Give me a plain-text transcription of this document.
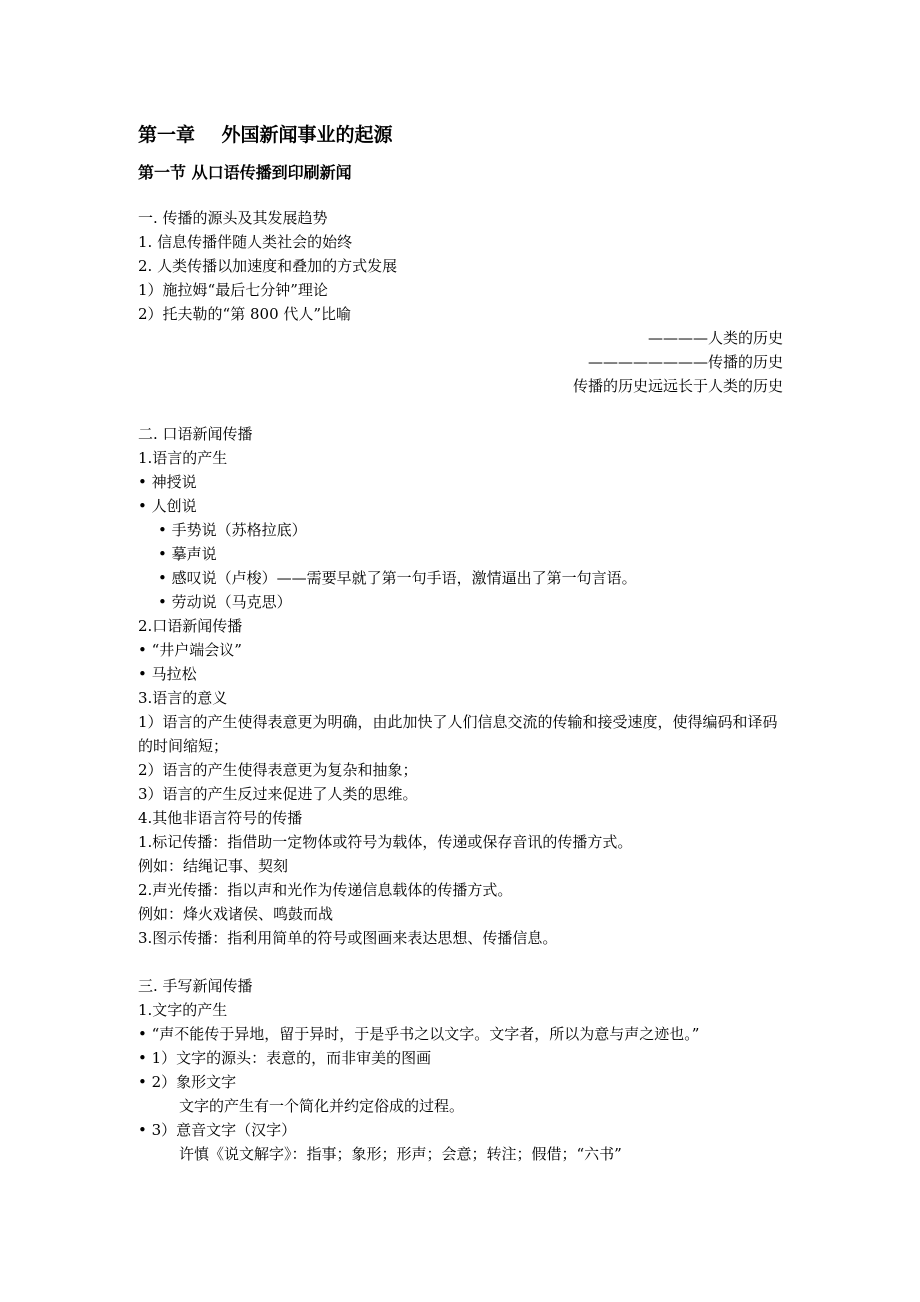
第一章    外国新闻事业的起源
第一节 从口语传播到印刷新闻
一. 传播的源头及其发展趋势
1. 信息传播伴随人类社会的始终
2. 人类传播以加速度和叠加的方式发展
1）施拉姆“最后七分钟”理论
2）托夫勒的“第 800 代人”比喻
————人类的历史
————————传播的历史
传播的历史远远长于人类的历史
二. 口语新闻传播
1.语言的产生
• 神授说
• 人创说
• 手势说（苏格拉底）
• 摹声说
• 感叹说（卢梭）——需要早就了第一句手语，激情逼出了第一句言语。
• 劳动说（马克思）
2.口语新闻传播
• “井户端会议”
• 马拉松
3.语言的意义
1）语言的产生使得表意更为明确，由此加快了人们信息交流的传输和接受速度，使得编码和译码的时间缩短；
2）语言的产生使得表意更为复杂和抽象；
3）语言的产生反过来促进了人类的思维。
4.其他非语言符号的传播
1.标记传播：指借助一定物体或符号为载体，传递或保存音讯的传播方式。
例如：结绳记事、契刻
2.声光传播：指以声和光作为传递信息载体的传播方式。
例如：烽火戏诸侯、鸣鼓而战
3.图示传播：指利用简单的符号或图画来表达思想、传播信息。
三. 手写新闻传播
1.文字的产生
• “声不能传于异地，留于异时，于是乎书之以文字。文字者，所以为意与声之迹也。”
• 1）文字的源头：表意的，而非审美的图画
• 2）象形文字
文字的产生有一个简化并约定俗成的过程。
• 3）意音文字（汉字）
许慎《说文解字》：指事；象形；形声；会意；转注；假借；“六书”
